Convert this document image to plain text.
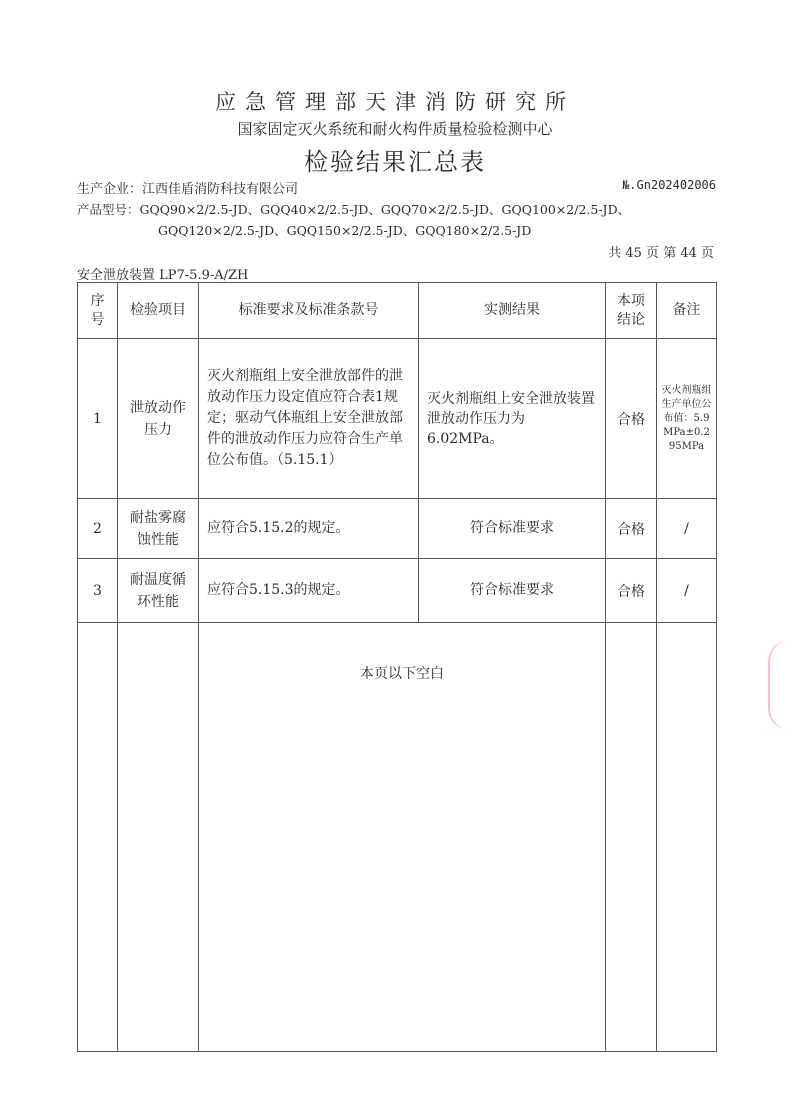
应急管理部天津消防研究所
国家固定灭火系统和耐火构件质量检验检测中心
检验结果汇总表
生产企业：江西佳盾消防科技有限公司	№.Gn202402006
产品型号：GQQ90×2/2.5-JD、GQQ40×2/2.5-JD、GQQ70×2/2.5-JD、GQQ100×2/2.5-JD、
GQQ120×2/2.5-JD、GQQ150×2/2.5-JD、GQQ180×2/2.5-JD
共 45 页 第 44 页
安全泄放装置 LP7-5.9-A/ZH
序号	检验项目	标准要求及标准条款号	实测结果	本项结论	备注
1	泄放动作压力	灭火剂瓶组上安全泄放部件的泄放动作压力设定值应符合表1规定；驱动气体瓶组上安全泄放部件的泄放动作压力应符合生产单位公布值。（5.15.1）	灭火剂瓶组上安全泄放装置泄放动作压力为6.02MPa。	合格	灭火剂瓶组生产单位公布值：5.9MPa±0.295MPa

2	耐盐雾腐蚀性能	应符合5.15.2的规定。	符合标准要求	合格	/
3	耐温度循环性能	应符合5.15.3的规定。	符合标准要求	合格	/
		本页以下空白			
